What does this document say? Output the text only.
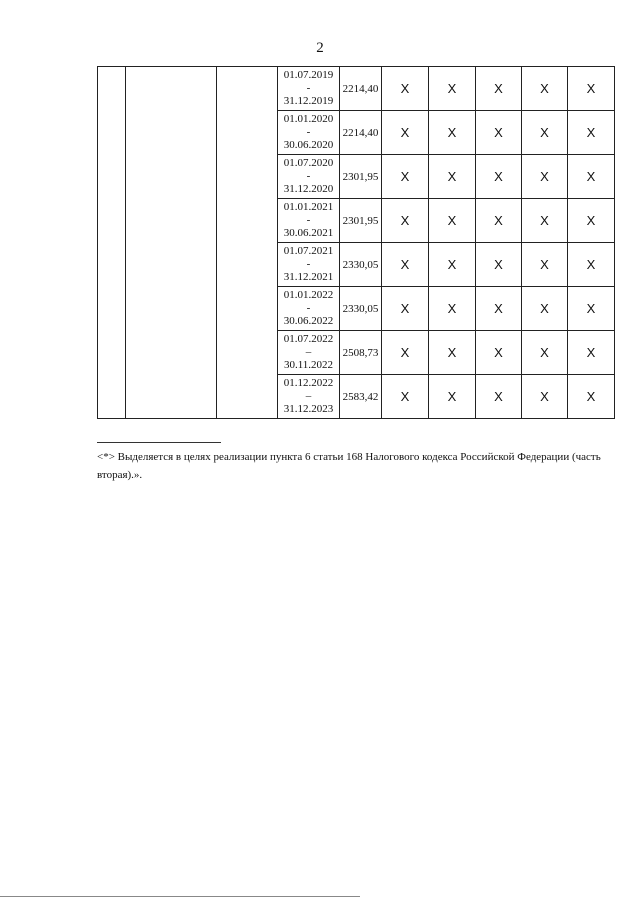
2

			01.07.2019
-
31.12.2019	2214,40	X	X	X	X	X

			01.01.2020
-
30.06.2020	2214,40	X	X	X	X	X

			01.07.2020
-
31.12.2020	2301,95	X	X	X	X	X

			01.01.2021
-
30.06.2021	2301,95	X	X	X	X	X

			01.07.2021
-
31.12.2021	2330,05	X	X	X	X	X

			01.01.2022
-
30.06.2022	2330,05	X	X	X	X	X

			01.07.2022
–
30.11.2022	2508,73	X	X	X	X	X

			01.12.2022
–
31.12.2023	2583,42	X	X	X	X	X
<*> Выделяется в целях реализации пункта 6 статьи 168 Налогового кодекса Российской Федерации (часть вторая).».
